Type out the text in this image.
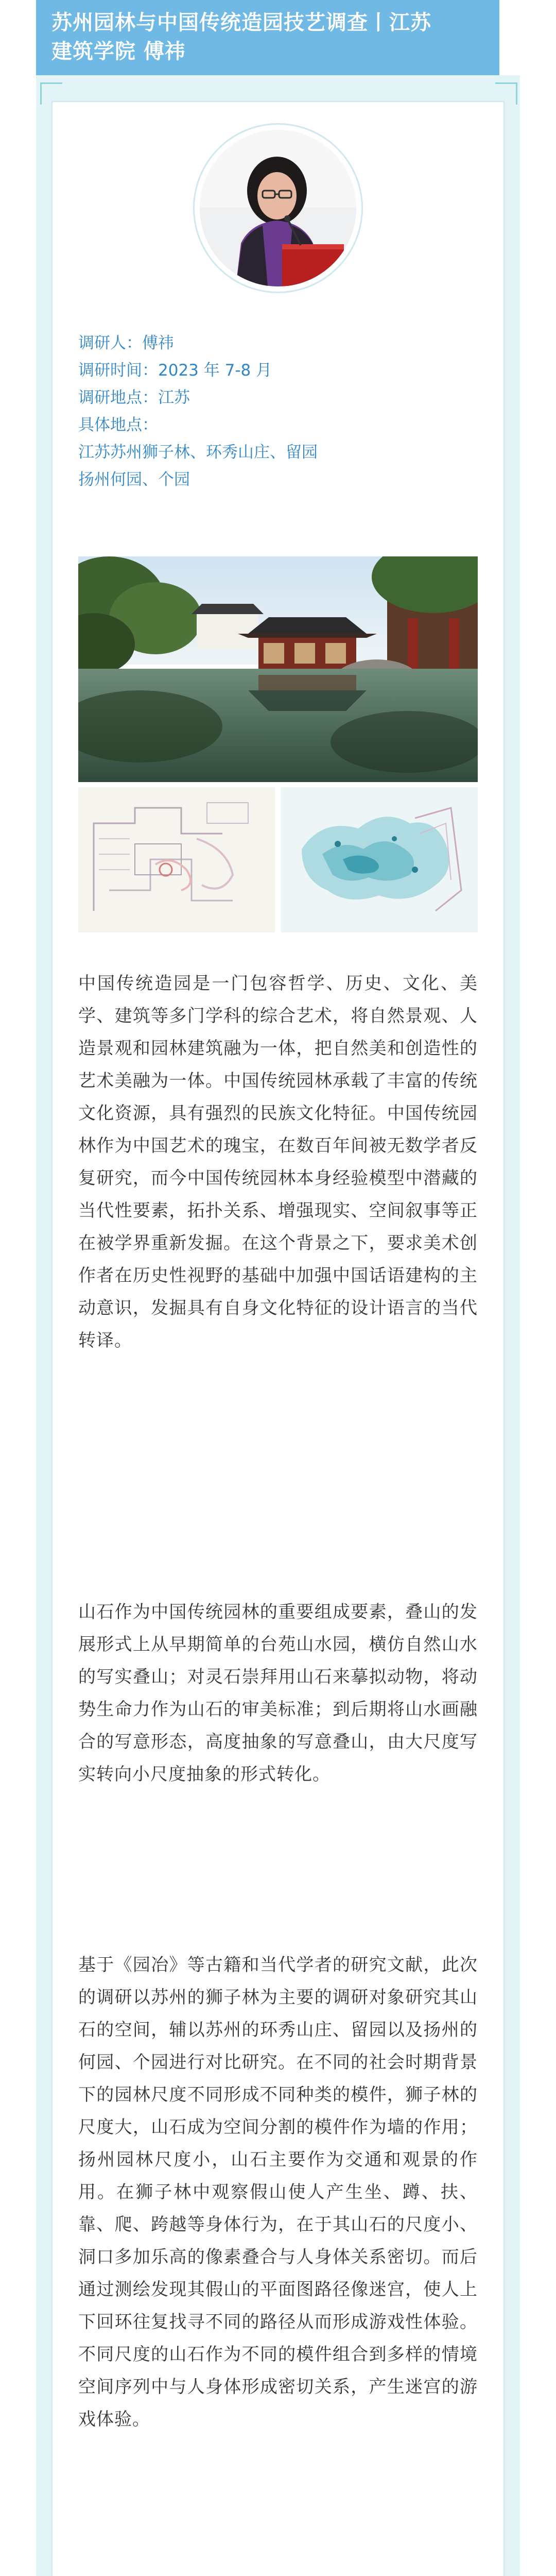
苏州园林与中国传统造园技艺调查丨江苏
建筑学院 傅祎
调研人：傅祎
调研时间：2023 年 7-8 月
调研地点：江苏
具体地点：
江苏苏州狮子林、环秀山庄、留园
扬州何园、个园
中国传统造园是一门包容哲学、历史、文化、美学、建筑等多门学科的综合艺术，将自然景观、人造景观和园林建筑融为一体，把自然美和创造性的艺术美融为一体。中国传统园林承载了丰富的传统文化资源，具有强烈的民族文化特征。中国传统园林作为中国艺术的瑰宝，在数百年间被无数学者反复研究，而今中国传统园林本身经验模型中潜藏的当代性要素，拓扑关系、增强现实、空间叙事等正在被学界重新发掘。在这个背景之下，要求美术创作者在历史性视野的基础中加强中国话语建构的主动意识，发掘具有自身文化特征的设计语言的当代转译。
山石作为中国传统园林的重要组成要素，叠山的发展形式上从早期简单的台苑山水园，横仿自然山水的写实叠山；对灵石崇拜用山石来摹拟动物，将动势生命力作为山石的审美标准；到后期将山水画融合的写意形态，高度抽象的写意叠山，由大尺度写实转向小尺度抽象的形式转化。
基于《园冶》等古籍和当代学者的研究文献，此次的调研以苏州的狮子林为主要的调研对象研究其山石的空间，辅以苏州的环秀山庄、留园以及扬州的何园、个园进行对比研究。在不同的社会时期背景下的园林尺度不同形成不同种类的模件，狮子林的尺度大，山石成为空间分割的模件作为墙的作用；扬州园林尺度小，山石主要作为交通和观景的作用。在狮子林中观察假山使人产生坐、蹲、扶、靠、爬、跨越等身体行为，在于其山石的尺度小、洞口多加乐高的像素叠合与人身体关系密切。而后通过测绘发现其假山的平面图路径像迷宫，使人上下回环往复找寻不同的路径从而形成游戏性体验。不同尺度的山石作为不同的模件组合到多样的情境空间序列中与人身体形成密切关系，产生迷宫的游戏体验。
